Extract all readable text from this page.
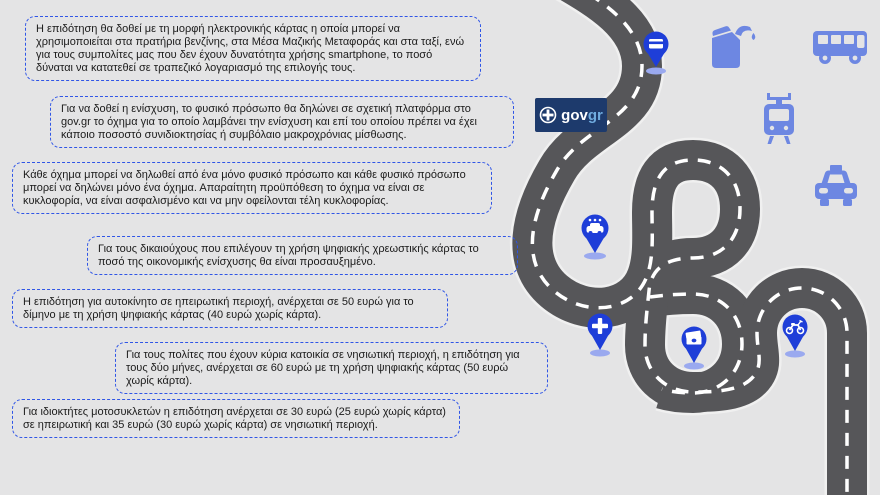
govgr
Η επιδότηση θα δοθεί με τη μορφή ηλεκτρονικής κάρτας η οποία μπορεί να χρησιμοποιείται στα πρατήρια βενζίνης, στα Μέσα Μαζικής Μεταφοράς και στα ταξί, ενώ για τους συμπολίτες μας που δεν έχουν δυνατότητα χρήσης smartphone, το ποσό δύναται να κατατεθεί σε τραπεζικό λογαριασμό της επιλογής τους.
Για να δοθεί η ενίσχυση, το φυσικό πρόσωπο θα δηλώνει σε σχετική πλατφόρμα στο gov.gr το όχημα για το οποίο λαμβάνει την ενίσχυση και επί του οποίου πρέπει να έχει κάποιο ποσοστό συνιδιοκτησίας ή συμβόλαιο μακροχρόνιας μίσθωσης.
Κάθε όχημα μπορεί να δηλωθεί από ένα μόνο φυσικό πρόσωπο και κάθε φυσικό πρόσωπο μπορεί να δηλώνει μόνο ένα όχημα. Απαραίτητη προϋπόθεση το όχημα να είναι σε κυκλοφορία, να είναι ασφαλισμένο και να μην οφείλονται τέλη κυκλοφορίας.
Για τους δικαιούχους που επιλέγουν τη χρήση ψηφιακής χρεωστικής κάρτας το ποσό της οικονομικής ενίσχυσης θα είναι προσαυξημένο.
Η επιδότηση για αυτοκίνητο σε ηπειρωτική περιοχή, ανέρχεται σε 50 ευρώ για το δίμηνο με τη χρήση ψηφιακής κάρτας (40 ευρώ χωρίς κάρτα).
Για τους πολίτες που έχουν κύρια κατοικία σε νησιωτική περιοχή, η επιδότηση για τους δύο μήνες, ανέρχεται σε 60 ευρώ με τη χρήση ψηφιακής κάρτας (50 ευρώ χωρίς κάρτα).
Για ιδιοκτήτες μοτοσυκλετών η επιδότηση ανέρχεται σε 30 ευρώ (25 ευρώ χωρίς κάρτα) σε ηπειρωτική και 35 ευρώ (30 ευρώ χωρίς κάρτα) σε νησιωτική περιοχή.
